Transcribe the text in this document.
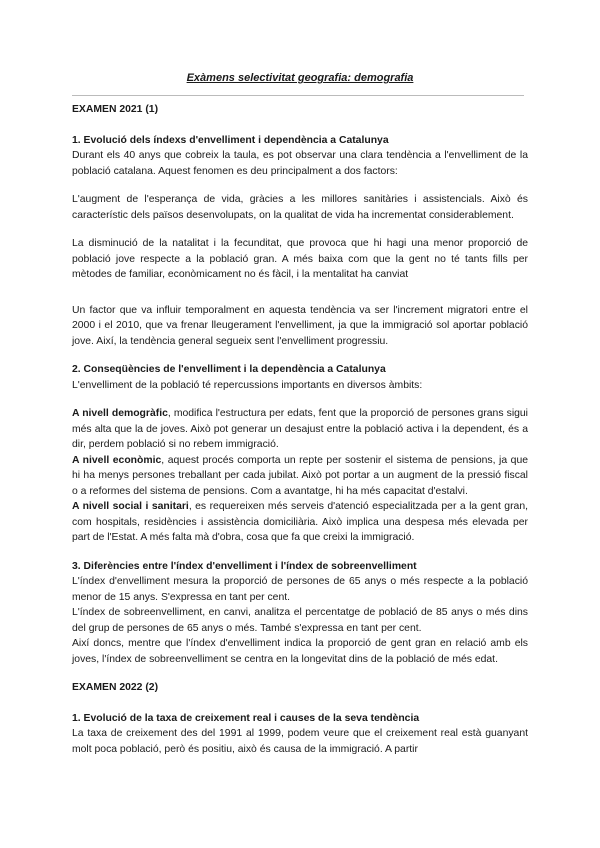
Exàmens selectivitat geografia: demografia

EXAMEN 2021 (1)

1. Evolució dels índexs d'envelliment i dependència a Catalunya

Durant els 40 anys que cobreix la taula, es pot observar una clara tendència a l'envelliment de la població catalana. Aquest fenomen es deu principalment a dos factors:

L'augment de l'esperança de vida, gràcies a les millores sanitàries i assistencials. Això és característic dels països desenvolupats, on la qualitat de vida ha incrementat considerablement.

La disminució de la natalitat i la fecunditat, que provoca que hi hagi una menor proporció de població jove respecte a la població gran. A més baixa com que la gent no té tants fills per mètodes de familiar, econòmicament no és fàcil, i la mentalitat ha canviat

Un factor que va influir temporalment en aquesta tendència va ser l'increment migratori entre el 2000 i el 2010, que va frenar lleugerament l'envelliment, ja que la immigració sol aportar població jove. Així, la tendència general segueix sent l'envelliment progressiu.

2. Conseqüències de l'envelliment i la dependència a Catalunya

L'envelliment de la població té repercussions importants en diversos àmbits:

A nivell demogràfic, modifica l'estructura per edats, fent que la proporció de persones grans sigui més alta que la de joves. Això pot generar un desajust entre la població activa i la dependent, és a dir, perdem població si no rebem immigració.

A nivell econòmic, aquest procés comporta un repte per sostenir el sistema de pensions, ja que hi ha menys persones treballant per cada jubilat. Això pot portar a un augment de la pressió fiscal o a reformes del sistema de pensions. Com a avantatge, hi ha més capacitat d'estalvi.

A nivell social i sanitari, es requereixen més serveis d'atenció especialitzada per a la gent gran, com hospitals, residències i assistència domiciliària. Això implica una despesa més elevada per part de l'Estat. A més falta mà d'obra, cosa que fa que creixi la immigració.

3. Diferències entre l'índex d'envelliment i l'índex de sobreenvelliment

L'índex d'envelliment mesura la proporció de persones de 65 anys o més respecte a la població menor de 15 anys. S'expressa en tant per cent.

L'índex de sobreenvelliment, en canvi, analitza el percentatge de població de 85 anys o més dins del grup de persones de 65 anys o més. També s'expressa en tant per cent.

Així doncs, mentre que l'índex d'envelliment indica la proporció de gent gran en relació amb els joves, l'índex de sobreenvelliment se centra en la longevitat dins de la població de més edat.

EXAMEN 2022 (2)

1. Evolució de la taxa de creixement real i causes de la seva tendència

La taxa de creixement des del 1991 al 1999, podem veure que el creixement real està guanyant molt poca població, però és positiu, això és causa de la immigració. A partir
